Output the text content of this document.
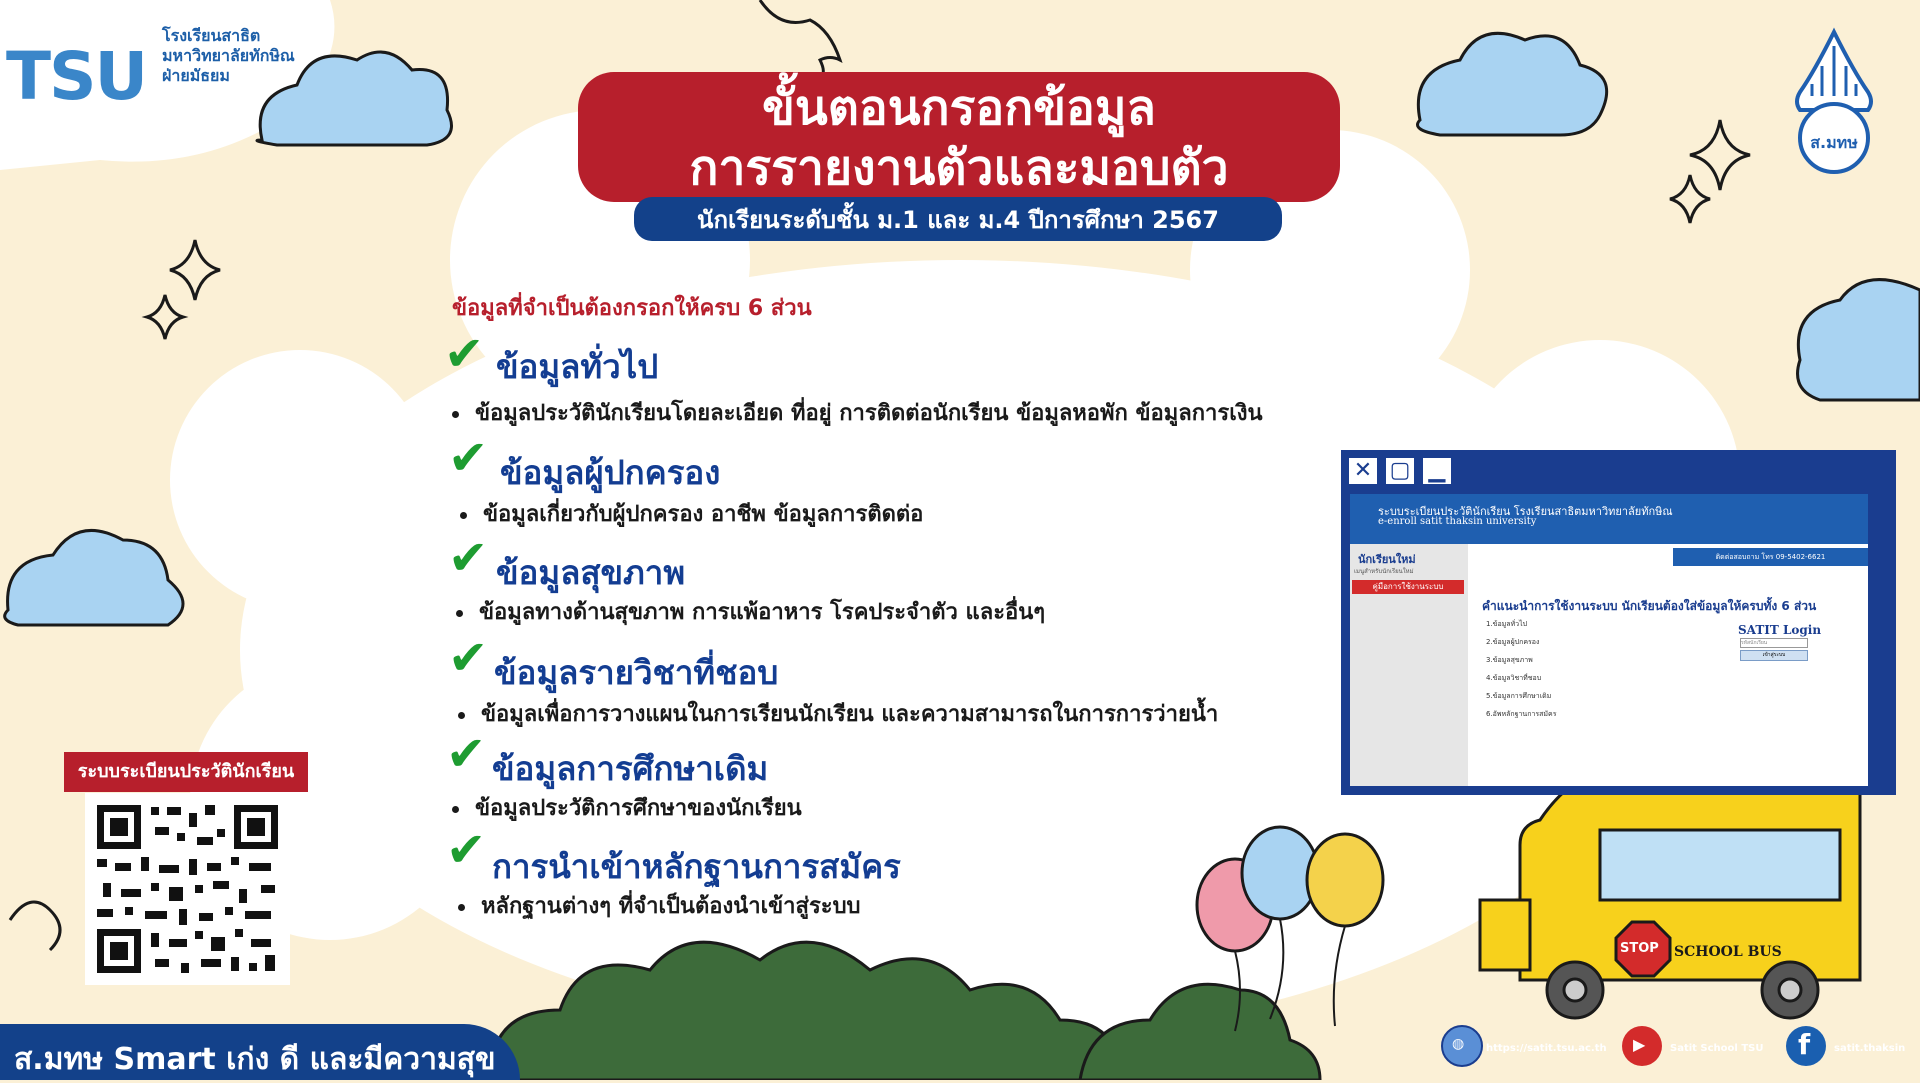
TSU
โรงเรียนสาธิต
มหาวิทยาลัยทักษิณ
ฝ่ายมัธยม
ส.มทษ
ขั้นตอนกรอกข้อมูล
การรายงานตัวและมอบตัว
นักเรียนระดับชั้น ม.1 และ ม.4 ปีการศึกษา 2567
ข้อมูลที่จำเป็นต้องกรอกให้ครบ 6 ส่วน
✔ ข้อมูลทั่วไป
ข้อมูลประวัตินักเรียนโดยละเอียด ที่อยู่ การติดต่อนักเรียน ข้อมูลหอพัก ข้อมูลการเงิน
✔ ข้อมูลผู้ปกครอง
ข้อมูลเกี่ยวกับผู้ปกครอง อาชีพ ข้อมูลการติดต่อ
✔ ข้อมูลสุขภาพ
ข้อมูลทางด้านสุขภาพ การแพ้อาหาร โรคประจำตัว และอื่นๆ
✔ ข้อมูลรายวิชาที่ชอบ
ข้อมูลเพื่อการวางแผนในการเรียนนักเรียน และความสามารถในการการว่ายน้ำ
✔ ข้อมูลการศึกษาเดิม
ข้อมูลประวัติการศึกษาของนักเรียน
✔ การนำเข้าหลักฐานการสมัคร
หลักฐานต่างๆ ที่จำเป็นต้องนำเข้าสู่ระบบ
✕ ▢ ▁
ระบบระเบียนประวัตินักเรียน โรงเรียนสาธิตมหาวิทยาลัยทักษิณ
e-enroll satit thaksin university
นักเรียนใหม่
เมนูสำหรับนักเรียนใหม่
คู่มือการใช้งานระบบ
ติดต่อสอบถาม โทร 09-5402-6621
คำแนะนำการใช้งานระบบ นักเรียนต้องใส่ข้อมูลให้ครบทั้ง 6 ส่วน
1.ข้อมูลทั่วไป

2.ข้อมูลผู้ปกครอง

3.ข้อมูลสุขภาพ

4.ข้อมูลวิชาที่ชอบ

5.ข้อมูลการศึกษาเดิม

6.อัพหลักฐานการสมัคร
SATIT Login
รหัสนักเรียน
เข้าสู่ระบบ
ระบบระเบียนประวัตินักเรียน
ส.มทษ Smart เก่ง ดี และมีความสุข
SCHOOL BUS
STOP
◍ https://satit.tsu.ac.th ▶ Satit School TSU f satit.thaksin
